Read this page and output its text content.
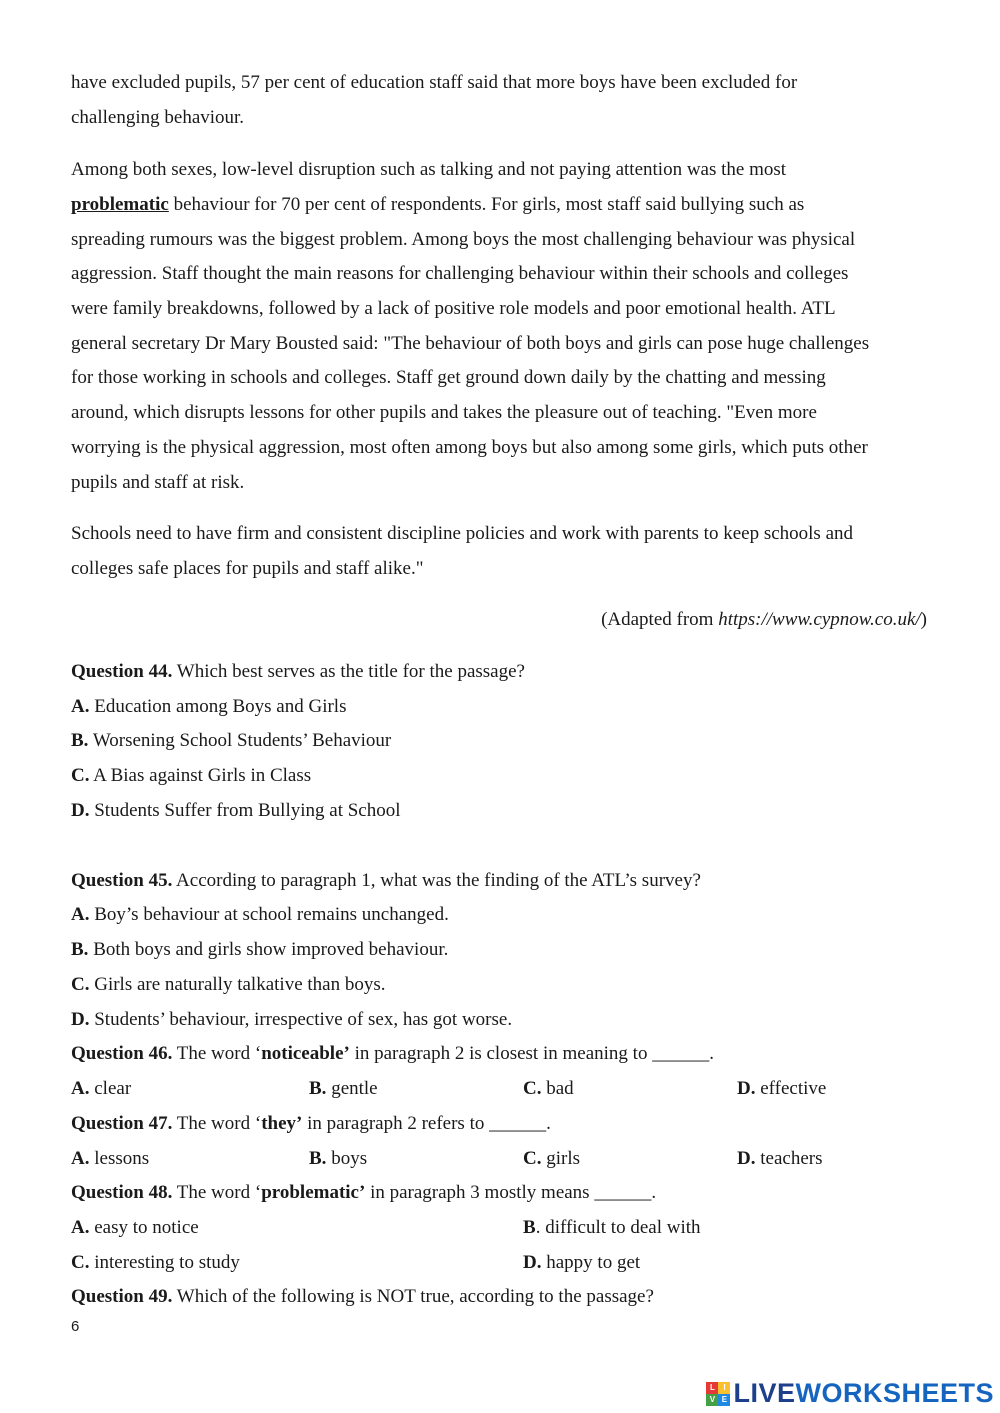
have excluded pupils, 57 per cent of education staff said that more boys have been excluded for
challenging behaviour.
Among both sexes, low-level disruption such as talking and not paying attention was the most
problematic behaviour for 70 per cent of respondents. For girls, most staff said bullying such as
spreading rumours was the biggest problem. Among boys the most challenging behaviour was physical
aggression. Staff thought the main reasons for challenging behaviour within their schools and colleges
were family breakdowns, followed by a lack of positive role models and poor emotional health. ATL
general secretary Dr Mary Bousted said: "The behaviour of both boys and girls can pose huge challenges
for those working in schools and colleges. Staff get ground down daily by the chatting and messing
around, which disrupts lessons for other pupils and takes the pleasure out of teaching. "Even more
worrying is the physical aggression, most often among boys but also among some girls, which puts other
pupils and staff at risk.
Schools need to have firm and consistent discipline policies and work with parents to keep schools and
colleges safe places for pupils and staff alike."
(Adapted from https://www.cypnow.co.uk/)
Question 44. Which best serves as the title for the passage?
A. Education among Boys and Girls
B. Worsening School Students’ Behaviour
C. A Bias against Girls in Class
D. Students Suffer from Bullying at School
Question 45. According to paragraph 1, what was the finding of the ATL’s survey?
A. Boy’s behaviour at school remains unchanged.
B. Both boys and girls show improved behaviour.
C. Girls are naturally talkative than boys.
D. Students’ behaviour, irrespective of sex, has got worse.
Question 46. The word ‘noticeable’ in paragraph 2 is closest in meaning to ______.
A. clear	B. gentle	C. bad	D. effective
Question 47. The word ‘they’ in paragraph 2 refers to ______.
A. lessons	B. boys	C. girls	D. teachers
Question 48. The word ‘problematic’ in paragraph 3 mostly means ______.
A. easy to notice	B. difficult to deal with
C. interesting to study	D. happy to get
Question 49. Which of the following is NOT true, according to the passage?
6
L	I
V E LIVEWORKSHEETS
